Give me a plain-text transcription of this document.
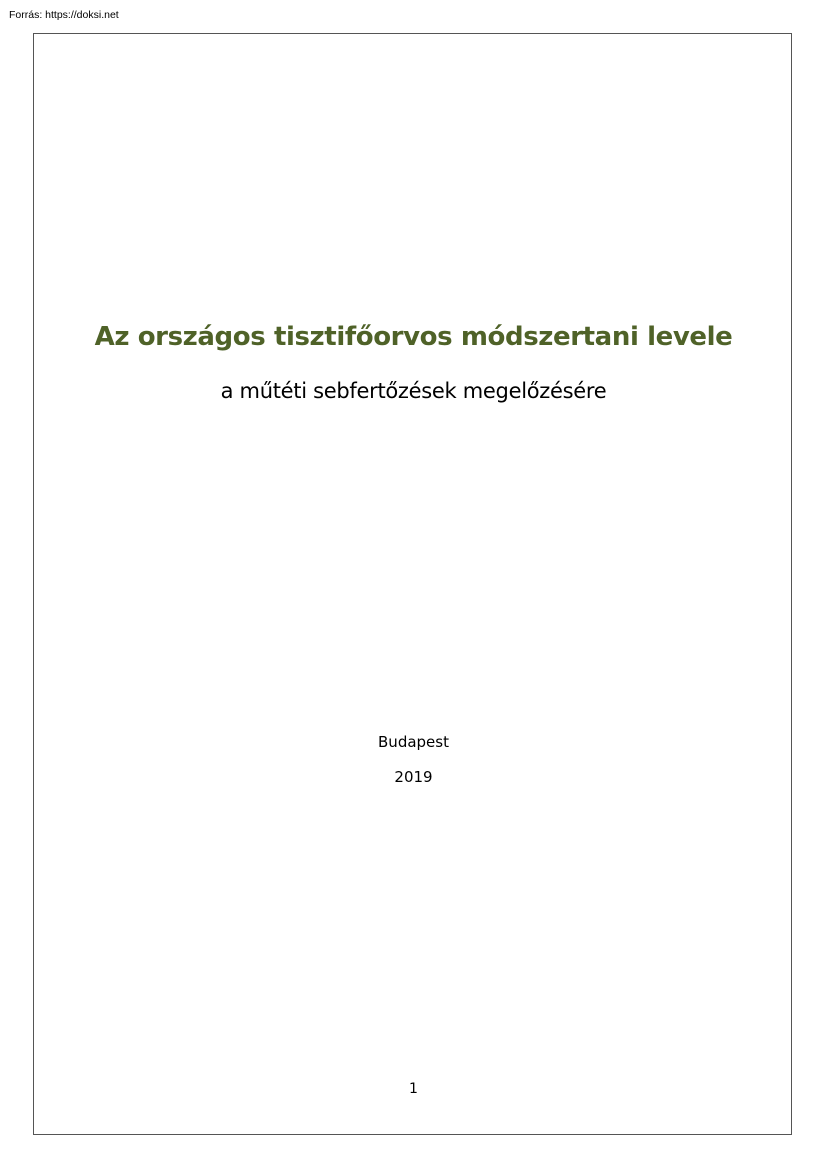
Forrás: https://doksi.net
Az országos tisztifőorvos módszertani levele
a műtéti sebfertőzések megelőzésére
Budapest
2019
1
